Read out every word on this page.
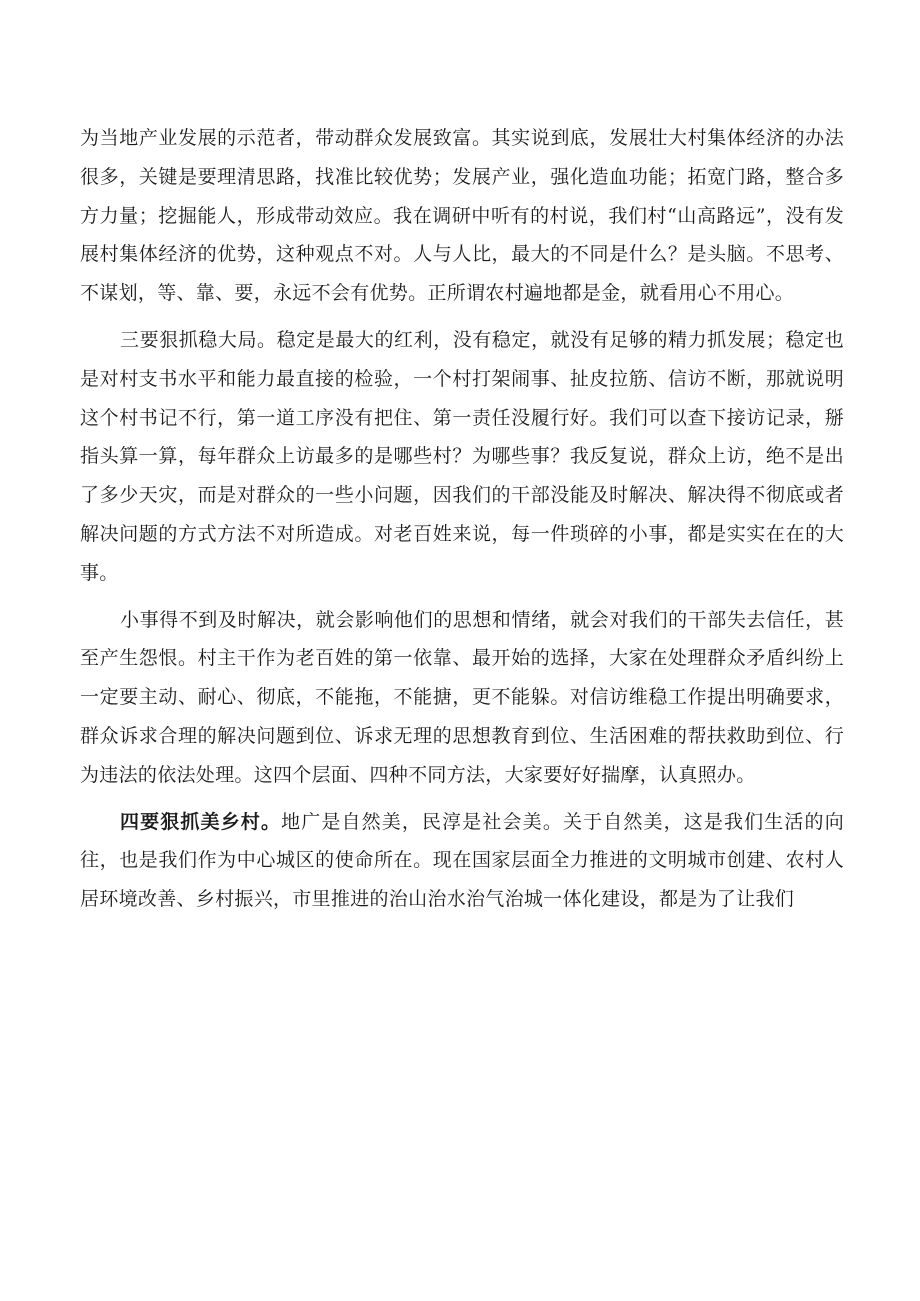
为当地产业发展的示范者，带动群众发展致富。其实说到底，发展壮大村集体经济的办法很多，关键是要理清思路，找准比较优势；发展产业，强化造血功能；拓宽门路，整合多方力量；挖掘能人，形成带动效应。我在调研中听有的村说，我们村“山高路远”，没有发展村集体经济的优势，这种观点不对。人与人比，最大的不同是什么？是头脑。不思考、不谋划，等、靠、要，永远不会有优势。正所谓农村遍地都是金，就看用心不用心。

三要狠抓稳大局。稳定是最大的红利，没有稳定，就没有足够的精力抓发展；稳定也是对村支书水平和能力最直接的检验，一个村打架闹事、扯皮拉筋、信访不断，那就说明这个村书记不行，第一道工序没有把住、第一责任没履行好。我们可以查下接访记录，掰指头算一算，每年群众上访最多的是哪些村？为哪些事？我反复说，群众上访，绝不是出了多少天灾，而是对群众的一些小问题，因我们的干部没能及时解决、解决得不彻底或者解决问题的方式方法不对所造成。对老百姓来说，每一件琐碎的小事，都是实实在在的大事。

小事得不到及时解决，就会影响他们的思想和情绪，就会对我们的干部失去信任，甚至产生怨恨。村主干作为老百姓的第一依靠、最开始的选择，大家在处理群众矛盾纠纷上一定要主动、耐心、彻底，不能拖，不能搪，更不能躲。对信访维稳工作提出明确要求，群众诉求合理的解决问题到位、诉求无理的思想教育到位、生活困难的帮扶救助到位、行为违法的依法处理。这四个层面、四种不同方法，大家要好好揣摩，认真照办。

四要狠抓美乡村。地广是自然美，民淳是社会美。关于自然美，这是我们生活的向往，也是我们作为中心城区的使命所在。现在国家层面全力推进的文明城市创建、农村人居环境改善、乡村振兴，市里推进的治山治水治气治城一体化建设，都是为了让我们
